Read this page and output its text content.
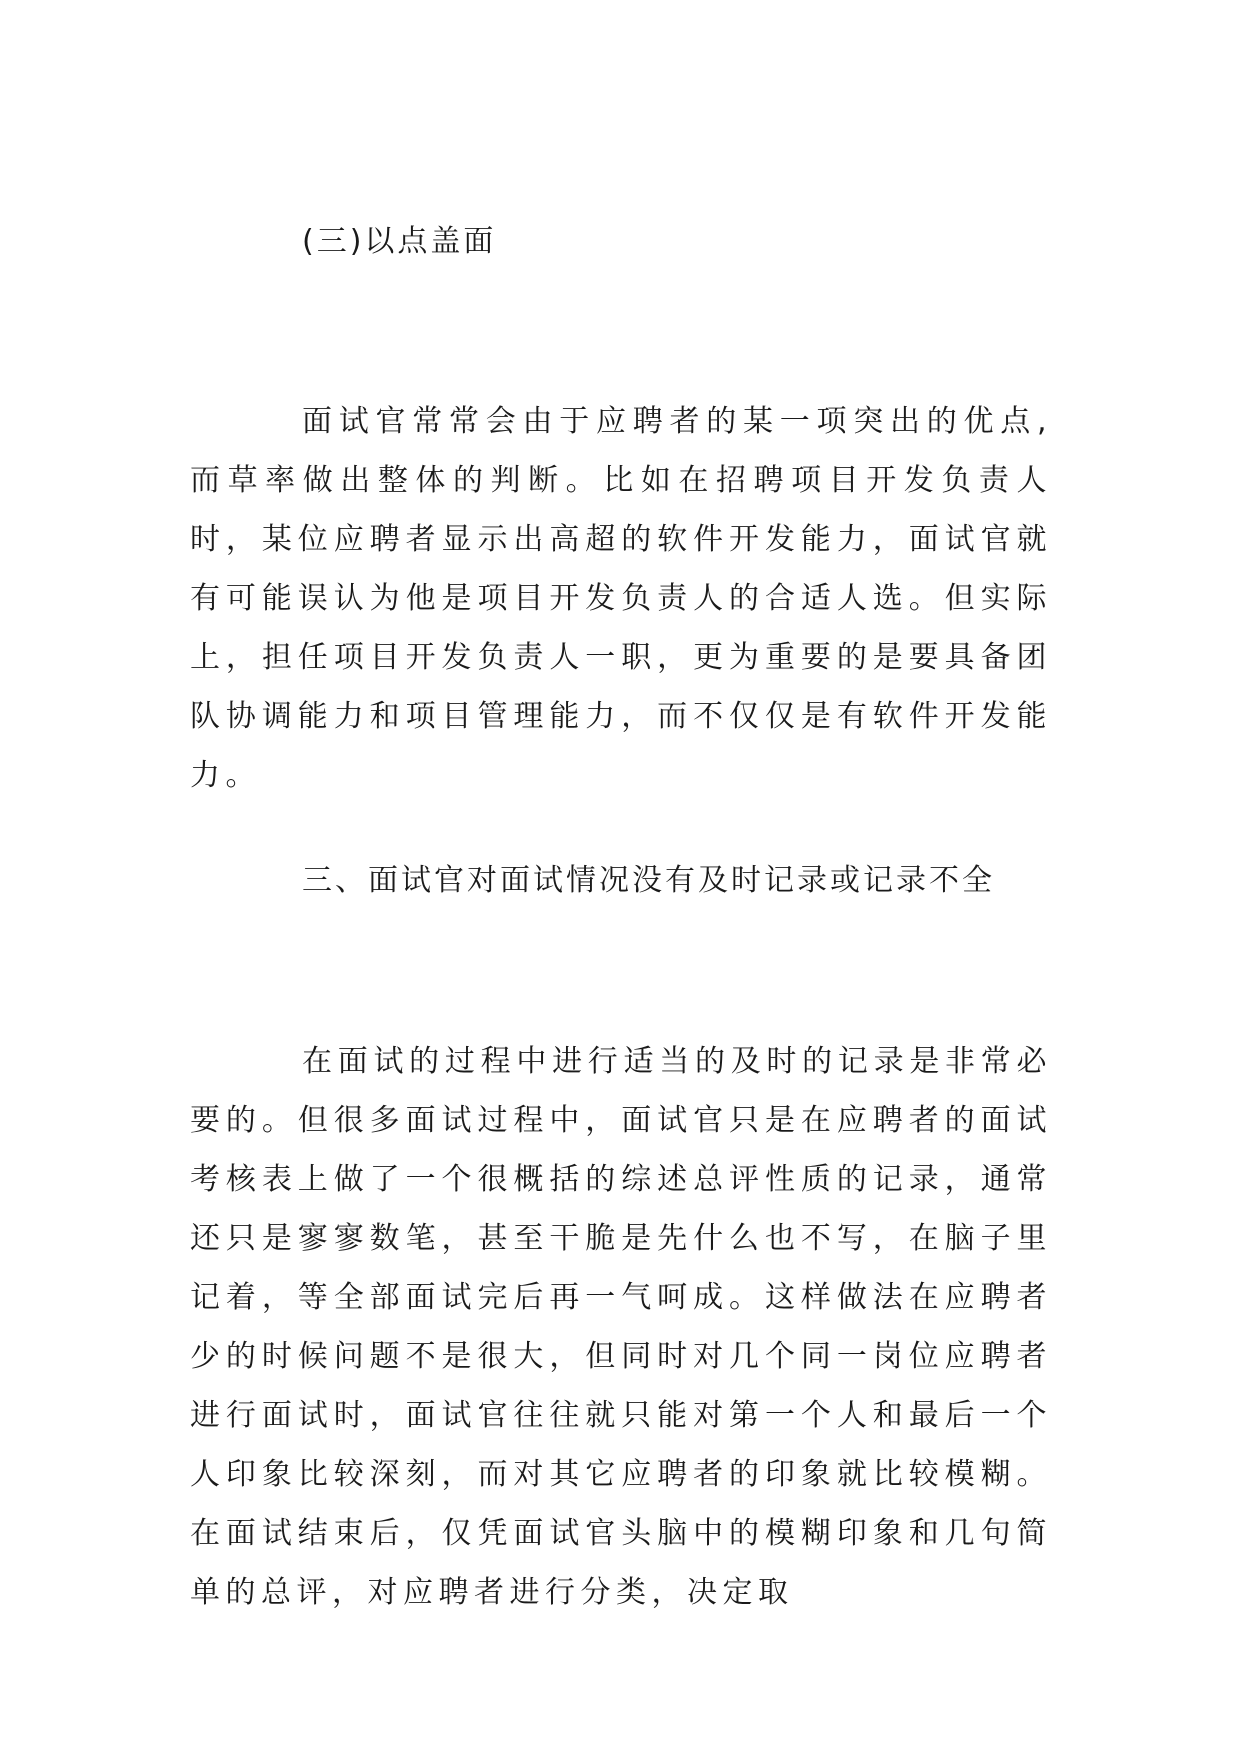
(三)以点盖面

面试官常常会由于应聘者的某一项突出的优点,而草率做出整体的判断。比如在招聘项目开发负责人时，某位应聘者显示出高超的软件开发能力，面试官就有可能误认为他是项目开发负责人的合适人选。但实际上，担任项目开发负责人一职，更为重要的是要具备团队协调能力和项目管理能力，而不仅仅是有软件开发能力。

三、面试官对面试情况没有及时记录或记录不全

在面试的过程中进行适当的及时的记录是非常必要的。但很多面试过程中，面试官只是在应聘者的面试考核表上做了一个很概括的综述总评性质的记录，通常还只是寥寥数笔，甚至干脆是先什么也不写，在脑子里记着，等全部面试完后再一气呵成。这样做法在应聘者少的时候问题不是很大，但同时对几个同一岗位应聘者进行面试时，面试官往往就只能对第一个人和最后一个人印象比较深刻，而对其它应聘者的印象就比较模糊。在面试结束后，仅凭面试官头脑中的模糊印象和几句简单的总评，对应聘者进行分类，决定取
